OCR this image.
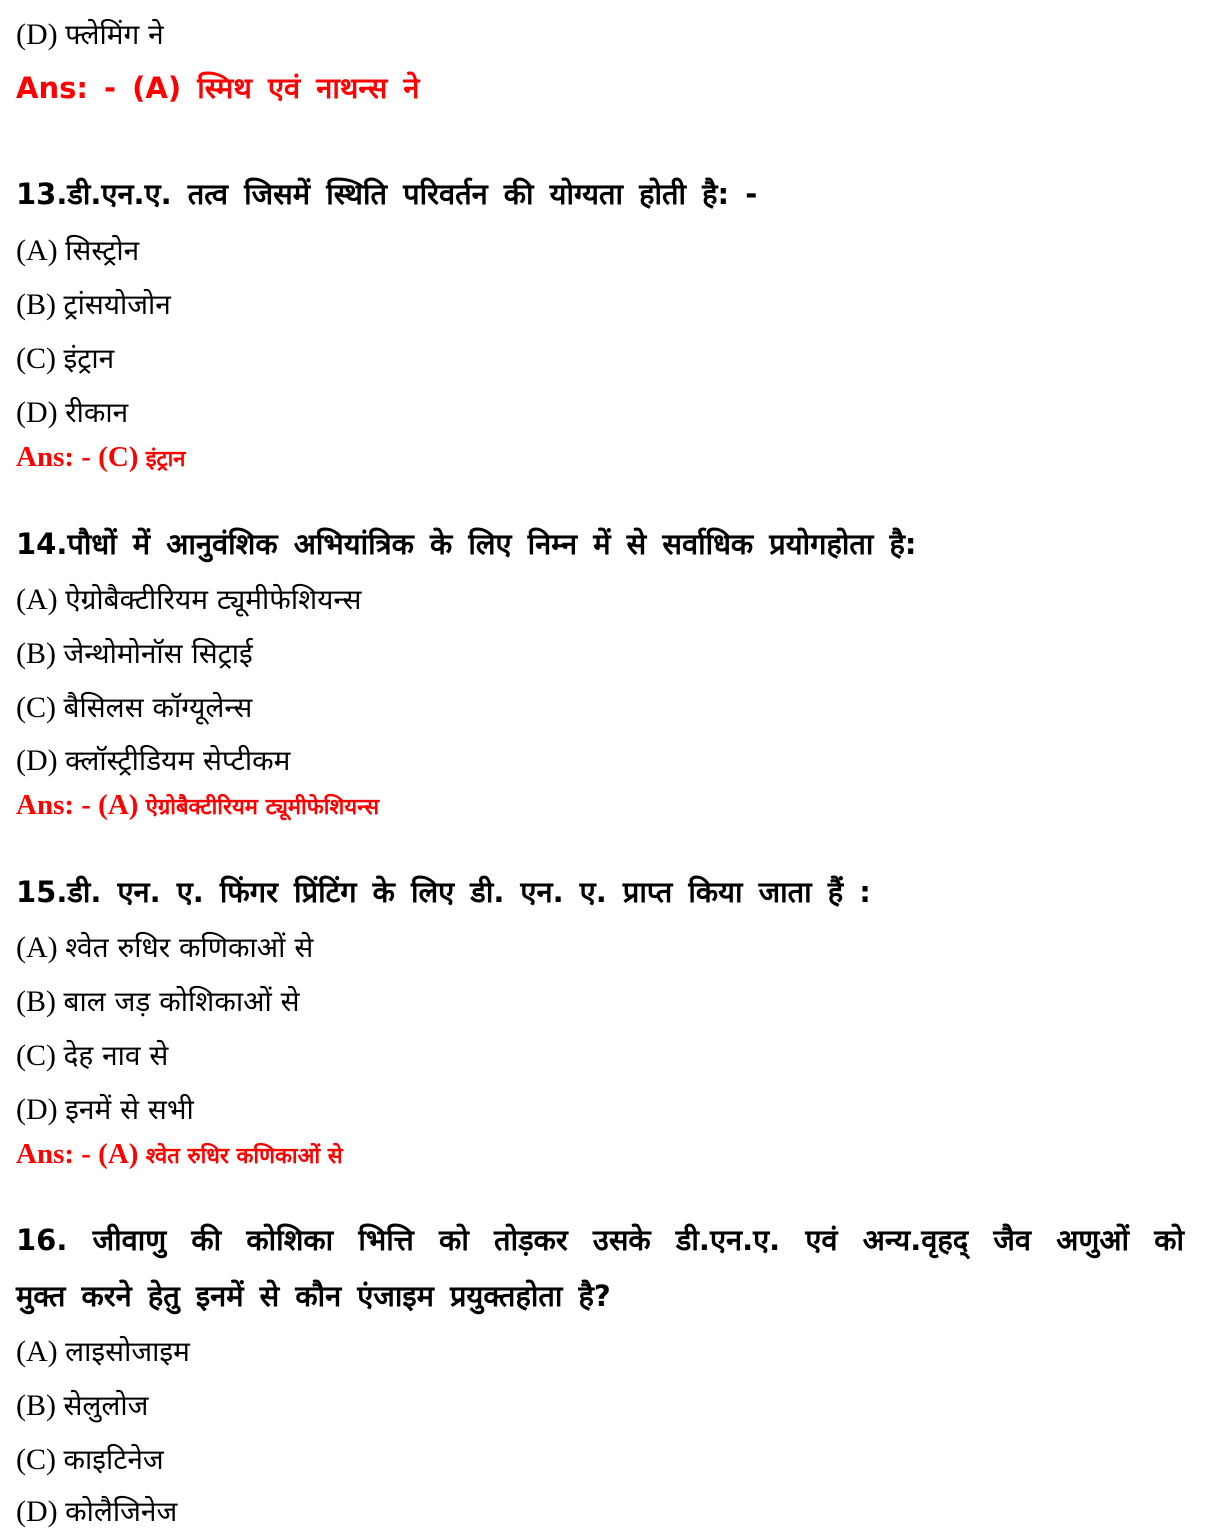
(D) फ्लेमिंग ने
Ans: - (A) स्मिथ एवं नाथन्स ने
13.डी.एन.ए. तत्व जिसमें स्थिति परिवर्तन की योग्यता होती है: -
(A) सिस्ट्रोन
(B) ट्रांसयोजोन
(C) इंट्रान
(D) रीकान
Ans: - (C) इंट्रान
14.पौधों में आनुवंशिक अभियांत्रिक के लिए निम्न में से सर्वाधिक प्रयोगहोता है:
(A) ऐग्रोबैक्टीरियम ट्यूमीफेशियन्स
(B) जेन्थोमोनॉस सिट्राई
(C) बैसिलस कॉग्यूलेन्स
(D) क्लॉस्ट्रीडियम सेप्टीकम
Ans: - (A) ऐग्रोबैक्टीरियम ट्यूमीफेशियन्स
15.डी. एन. ए. फिंगर प्रिंटिंग के लिए डी. एन. ए. प्राप्त किया जाता हैं :
(A) श्वेत रुधिर कणिकाओं से
(B) बाल जड़ कोशिकाओं से
(C) देह नाव से
(D) इनमें से सभी
Ans: - (A) श्वेत रुधिर कणिकाओं से
16. जीवाणु की कोशिका भित्ति को तोड़कर उसके डी.एन.ए. एवं अन्य.वृहद् जैव अणुओं को
मुक्त करने हेतु इनमें से कौन एंजाइम प्रयुक्तहोता है?
(A) लाइसोजाइम
(B) सेलुलोज
(C) काइटिनेज
(D) कोलैजिनेज
